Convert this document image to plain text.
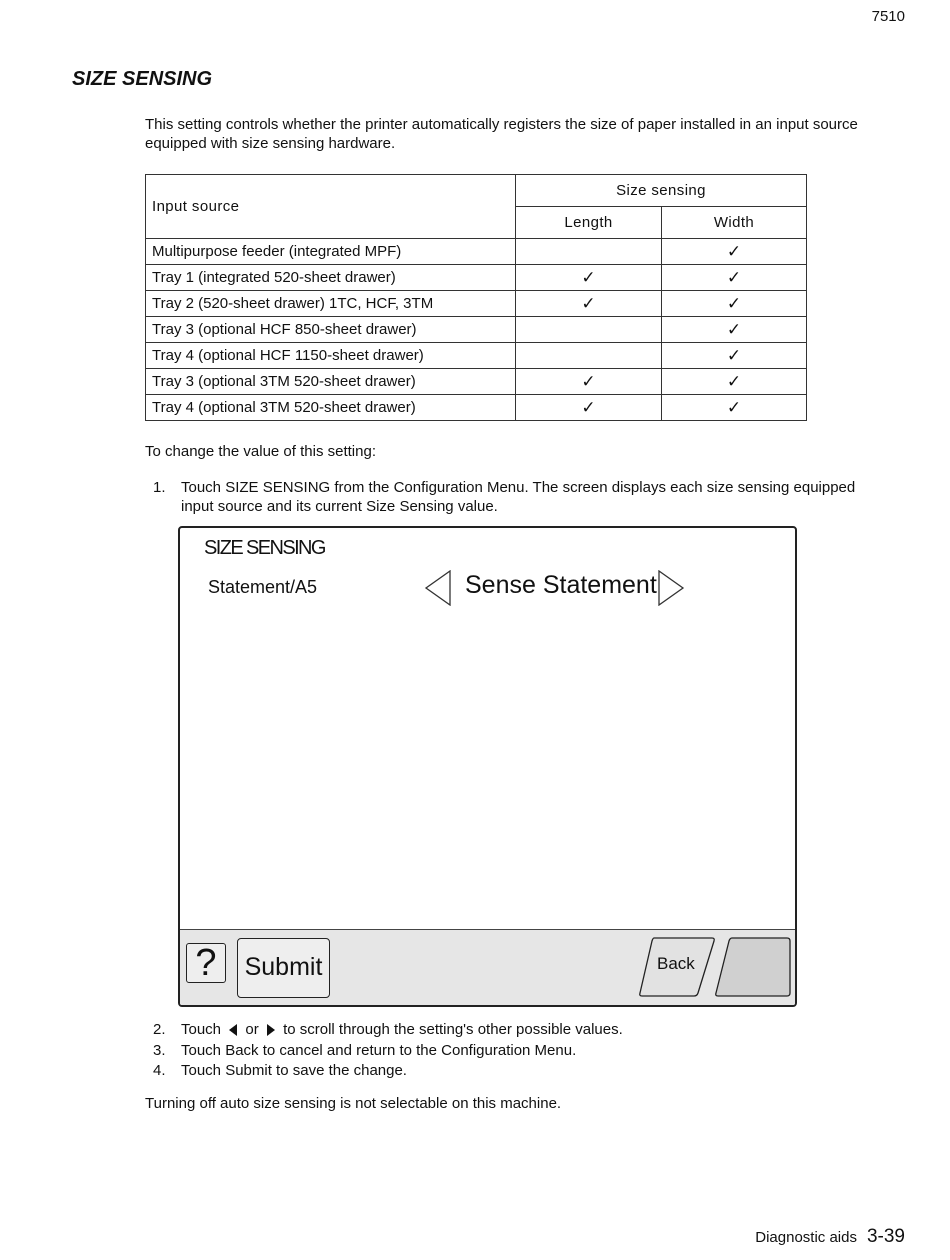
7510
SIZE SENSING

This setting controls whether the printer automatically registers the size of paper installed in an input source equipped with size sensing hardware.

Input source	Size sensing	
	Length	Width
Multipurpose feeder (integrated MPF)		✓
Tray 1 (integrated 520-sheet drawer)	✓	✓
Tray 2 (520-sheet drawer) 1TC, HCF, 3TM	✓	✓
Tray 3 (optional HCF 850-sheet drawer)		✓
Tray 4 (optional HCF 1150-sheet drawer)		✓
Tray 3 (optional 3TM 520-sheet drawer)	✓	✓
Tray 4 (optional 3TM 520-sheet drawer)	✓	✓

To change the value of this setting:

1. Touch SIZE SENSING from the Configuration Menu. The screen displays each size sensing equipped input source and its current Size Sensing value.
SIZE SENSING
Statement/A5	Sense Statement
?	Submit	Back
2. Touch or to scroll through the setting's other possible values.
3. Touch Back to cancel and return to the Configuration Menu.
4. Touch Submit to save the change.

Turning off auto size sensing is not selectable on this machine.

Diagnostic aids 3-39
